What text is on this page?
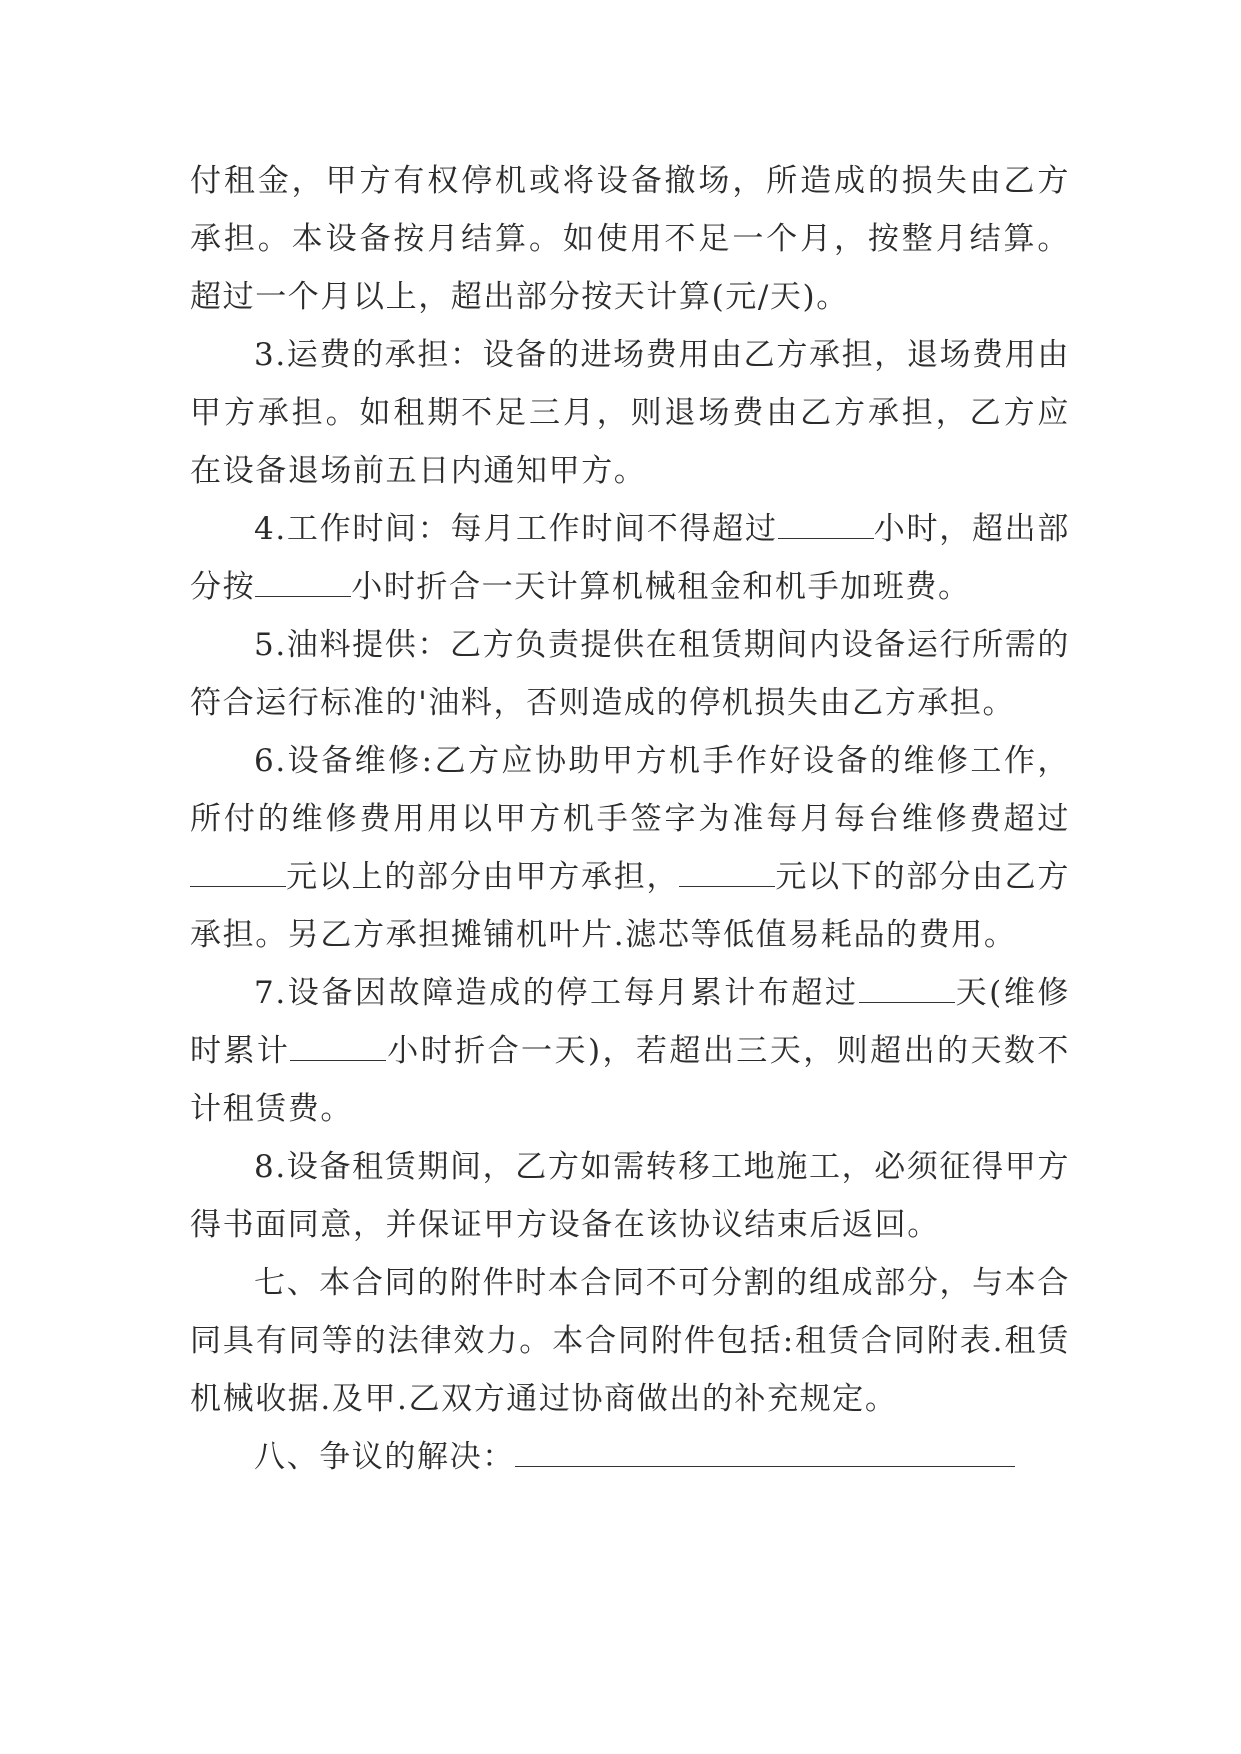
付租金，甲方有权停机或将设备撤场，所造成的损失由乙方承担。本设备按月结算。如使用不足一个月，按整月结算。超过一个月以上，超出部分按天计算(元/天)。

3.运费的承担：设备的进场费用由乙方承担，退场费用由甲方承担。如租期不足三月，则退场费由乙方承担，乙方应在设备退场前五日内通知甲方。

4.工作时间：每月工作时间不得超过	小时，超出部分按	小时折合一天计算机械租金和机手加班费。

5.油料提供：乙方负责提供在租赁期间内设备运行所需的符合运行标准的'油料，否则造成的停机损失由乙方承担。

6.设备维修:乙方应协助甲方机手作好设备的维修工作，所付的维修费用用以甲方机手签字为准每月每台维修费超过元以上的部分由甲方承担，	元以下的部分由乙方承担。另乙方承担摊铺机叶片.滤芯等低值易耗品的费用。

7.设备因故障造成的停工每月累计布超过	天(维修时累计	小时折合一天)，若超出三天，则超出的天数不计租赁费。

8.设备租赁期间，乙方如需转移工地施工，必须征得甲方得书面同意，并保证甲方设备在该协议结束后返回。

七、本合同的附件时本合同不可分割的组成部分，与本合同具有同等的法律效力。本合同附件包括:租赁合同附表.租赁机械收据.及甲.乙双方通过协商做出的补充规定。

八、争议的解决：
